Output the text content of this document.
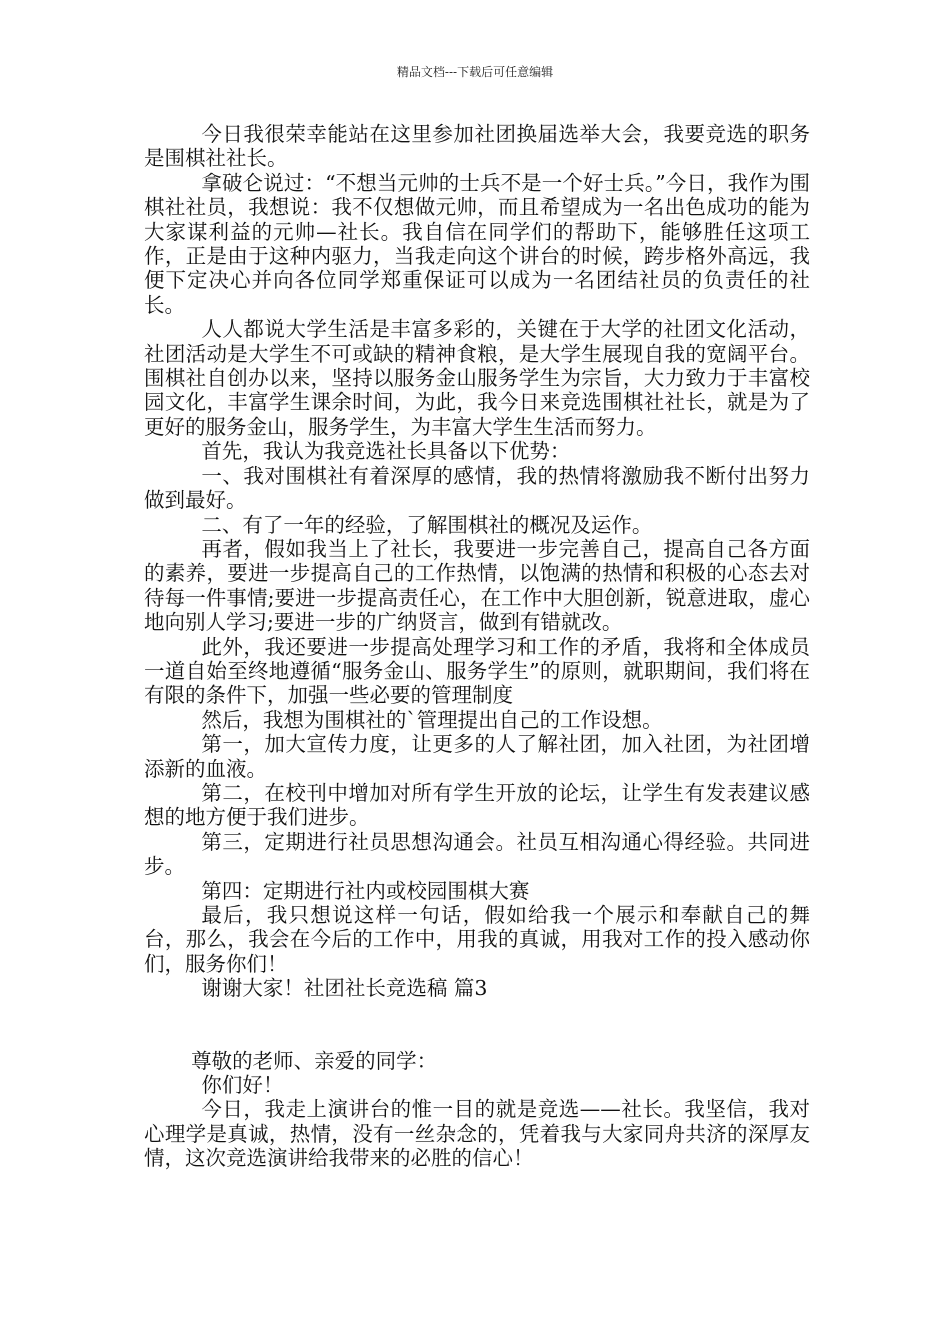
精品文档---下载后可任意编辑

今日我很荣幸能站在这里参加社团换届选举大会，我要竞选的职务是围棋社社长。

拿破仑说过：“不想当元帅的士兵不是一个好士兵。”今日，我作为围棋社社员，我想说：我不仅想做元帅，而且希望成为一名出色成功的能为大家谋利益的元帅—社长。我自信在同学们的帮助下，能够胜任这项工作，正是由于这种内驱力，当我走向这个讲台的时候，跨步格外高远，我便下定决心并向各位同学郑重保证可以成为一名团结社员的负责任的社长。

人人都说大学生活是丰富多彩的，关键在于大学的社团文化活动，社团活动是大学生不可或缺的精神食粮，是大学生展现自我的宽阔平台。围棋社自创办以来，坚持以服务金山服务学生为宗旨，大力致力于丰富校园文化，丰富学生课余时间，为此，我今日来竞选围棋社社长，就是为了更好的服务金山，服务学生，为丰富大学生生活而努力。

首先，我认为我竞选社长具备以下优势：

一、我对围棋社有着深厚的感情，我的热情将激励我不断付出努力做到最好。

二、有了一年的经验，了解围棋社的概况及运作。

再者，假如我当上了社长，我要进一步完善自己，提高自己各方面的素养，要进一步提高自己的工作热情，以饱满的热情和积极的心态去对待每一件事情;要进一步提高责任心，在工作中大胆创新，锐意进取，虚心地向别人学习;要进一步的广纳贤言，做到有错就改。

此外，我还要进一步提高处理学习和工作的矛盾，我将和全体成员一道自始至终地遵循“服务金山、服务学生”的原则，就职期间，我们将在有限的条件下，加强一些必要的管理制度

然后，我想为围棋社的`管理提出自己的工作设想。

第一，加大宣传力度，让更多的人了解社团，加入社团，为社团增添新的血液。

第二，在校刊中增加对所有学生开放的论坛，让学生有发表建议感想的地方便于我们进步。

第三，定期进行社员思想沟通会。社员互相沟通心得经验。共同进步。

第四：定期进行社内或校园围棋大赛

最后，我只想说这样一句话，假如给我一个展示和奉献自己的舞台，那么，我会在今后的工作中，用我的真诚，用我对工作的投入感动你们，服务你们！

谢谢大家！社团社长竞选稿 篇3

尊敬的老师、亲爱的同学：

你们好！

今日，我走上演讲台的惟一目的就是竞选——社长。我坚信，我对心理学是真诚，热情，没有一丝杂念的，凭着我与大家同舟共济的深厚友情，这次竞选演讲给我带来的必胜的信心！
